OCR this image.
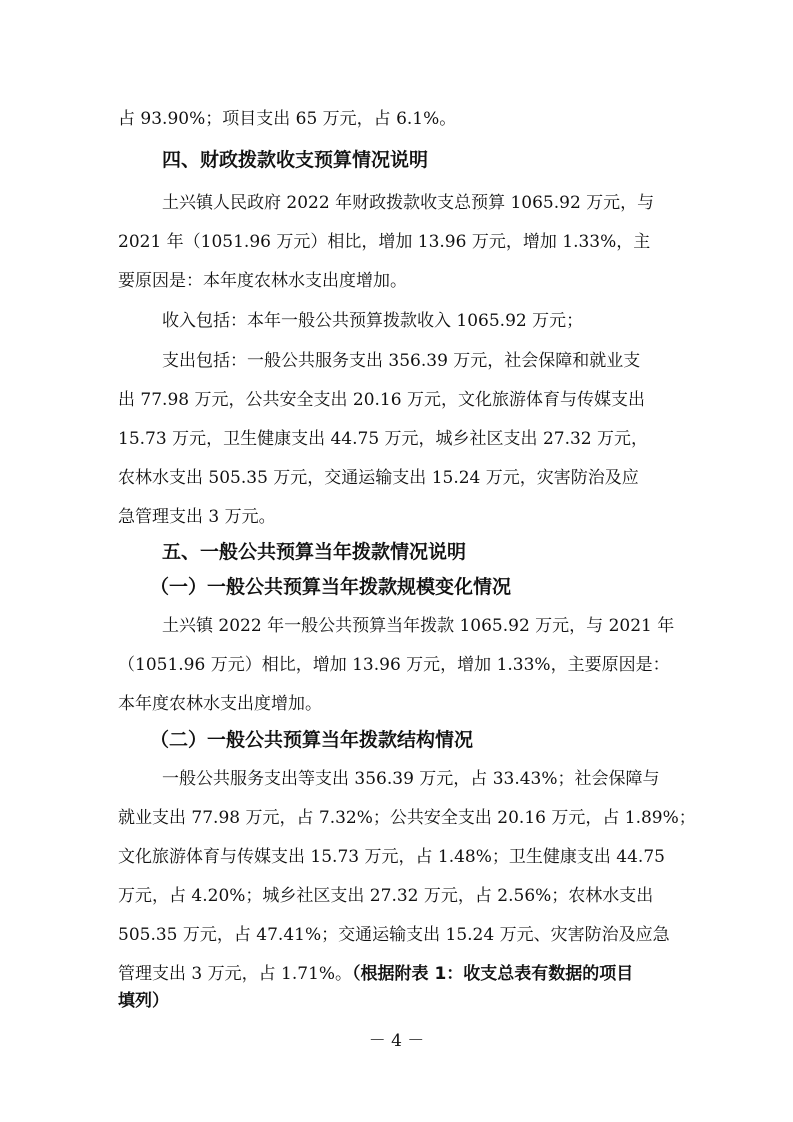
占 93.90%；项目支出 65 万元，占 6.1%。
四、财政拨款收支预算情况说明
土兴镇人民政府 2022 年财政拨款收支总预算 1065.92 万元，与
2021 年（1051.96 万元）相比，增加 13.96 万元，增加 1.33%，主
要原因是：本年度农林水支出度增加。
收入包括：本年一般公共预算拨款收入 1065.92 万元；
支出包括：一般公共服务支出 356.39 万元，社会保障和就业支
出 77.98 万元，公共安全支出 20.16 万元，文化旅游体育与传媒支出
15.73 万元，卫生健康支出 44.75 万元，城乡社区支出 27.32 万元，
农林水支出 505.35 万元，交通运输支出 15.24 万元，灾害防治及应
急管理支出 3 万元。
五、一般公共预算当年拨款情况说明
（一）一般公共预算当年拨款规模变化情况
土兴镇 2022 年一般公共预算当年拨款 1065.92 万元，与 2021 年
（1051.96 万元）相比，增加 13.96 万元，增加 1.33%，主要原因是：
本年度农林水支出度增加。
（二）一般公共预算当年拨款结构情况
一般公共服务支出等支出 356.39 万元，占 33.43%；社会保障与
就业支出 77.98 万元，占 7.32%；公共安全支出 20.16 万元，占 1.89%；
文化旅游体育与传媒支出 15.73 万元，占 1.48%；卫生健康支出 44.75
万元，占 4.20%；城乡社区支出 27.32 万元，占 2.56%；农林水支出
505.35 万元，占 47.41%；交通运输支出 15.24 万元、灾害防治及应急
管理支出 3 万元，占 1.71%。（根据附表 1：收支总表有数据的项目
填列）
－ 4 －
